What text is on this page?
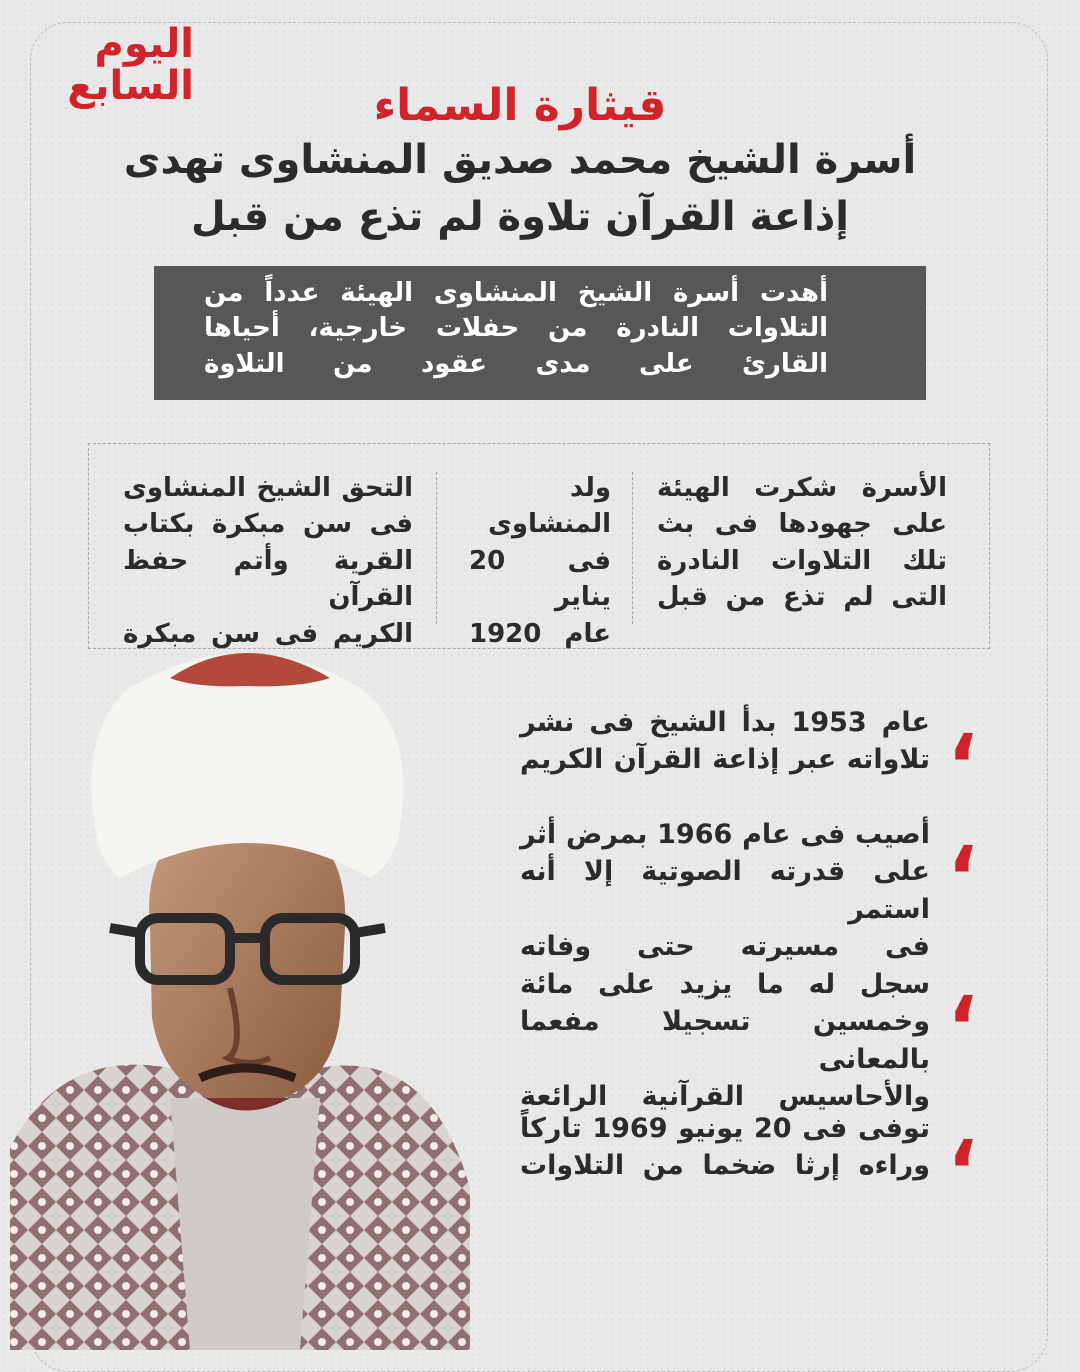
اليوم
السابع	قيثارة السماء
أسرة الشيخ محمد صديق المنشاوى تهدى
إذاعة القرآن تلاوة لم تذع من قبل
أهدت أسرة الشيخ المنشاوى الهيئة عدداً من
التلاوات النادرة من حفلات خارجية، أحياها
القارئ على مدى عقود من التلاوة
الأسرة شكرت الهيئة
على جهودها فى بث
تلك التلاوات النادرة
التى لم تذع من قبل
ولد
المنشاوى
فى 20 يناير
عام 1920
التحق الشيخ المنشاوى
فى سن مبكرة بكتاب
القرية وأتم حفظ القرآن
الكريم فى سن مبكرة
،
عام 1953 بدأ الشيخ فى نشر
تلاواته عبر إذاعة القرآن الكريم
،
أصيب فى عام 1966 بمرض أثر
على قدرته الصوتية إلا أنه استمر
فى مسيرته حتى وفاته ،
سجل له ما يزيد على مائة
وخمسين تسجيلا مفعما بالمعانى
والأحاسيس القرآنية الرائعة ،
توفى فى 20 يونيو 1969 تاركاً
وراءه إرثا ضخما من التلاوات
